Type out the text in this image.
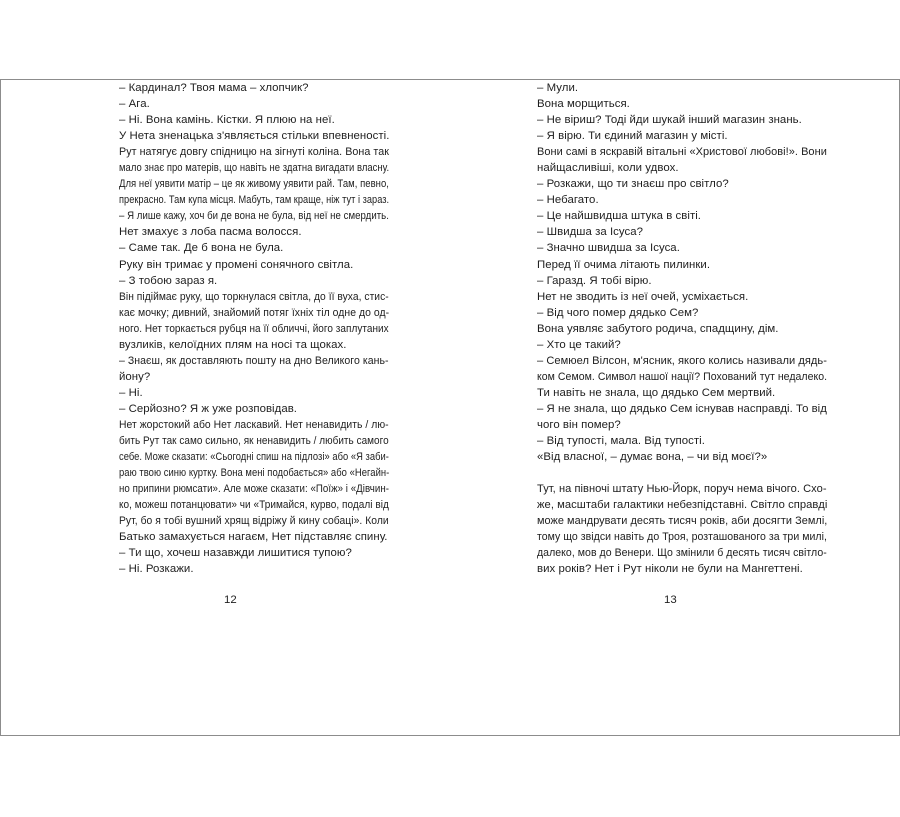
– Кардинал? Твоя мама – хлопчик?
– Ага.
– Ні. Вона камінь. Кістки. Я плюю на неї.
У Нета зненацька з'являється стільки впевненості.
Рут натягує довгу спідницю на зігнуті коліна. Вона так
мало знає про матерів, що навіть не здатна вигадати власну.
Для неї уявити матір – це як живому уявити рай. Там, певно,
прекрасно. Там купа місця. Мабуть, там краще, ніж тут і зараз.
– Я лише кажу, хоч би де вона не була, від неї не смердить.
Нет змахує з лоба пасма волосся.
– Саме так. Де б вона не була.
Руку він тримає у промені сонячного світла.
– З тобою зараз я.
Він підіймає руку, що торкнулася світла, до її вуха, стис-
кає мочку; дивний, знайомий потяг їхніх тіл одне до од-
ного. Нет торкається рубця на її обличчі, його заплутаних
вузликів, келоїдних плям на носі та щоках.
– Знаєш, як доставляють пошту на дно Великого кань-
йону?
– Ні.
– Серйозно? Я ж уже розповідав.
Нет жорстокий або Нет ласкавий. Нет ненавидить / лю-
бить Рут так само сильно, як ненавидить / любить самого
себе. Може сказати: «Сьогодні спиш на підлозі» або «Я заби-
раю твою синю куртку. Вона мені подобається» або «Негайн-
но припини рюмсати». Але може сказати: «Поїж» і «Дівчин-
ко, можеш потанцювати» чи «Тримайся, курво, подалі від
Рут, бо я тобі вушний хрящ відріжу й кину собаці». Коли
Батько замахується нагаєм, Нет підставляє спину.
– Ти що, хочеш назавжди лишитися тупою?
– Ні. Розкажи.
– Мули.
Вона морщиться.
– Не віриш? Тоді йди шукай інший магазин знань.
– Я вірю. Ти єдиний магазин у місті.
Вони самі в яскравій вітальні «Христової любові!». Вони
найщасливіші, коли удвох.
– Розкажи, що ти знаєш про світло?
– Небагато.
– Це найшвидша штука в світі.
– Швидша за Ісуса?
– Значно швидша за Ісуса.
Перед її очима літають пилинки.
– Гаразд. Я тобі вірю.
Нет не зводить із неї очей, усміхається.
– Від чого помер дядько Сем?
Вона уявляє забутого родича, спадщину, дім.
– Хто це такий?
– Семюел Вілсон, м'ясник, якого колись називали дядь-
ком Семом. Символ нашої нації? Похований тут недалеко.
Ти навіть не знала, що дядько Сем мертвий.
– Я не знала, що дядько Сем існував насправді. То від
чого він помер?
– Від тупості, мала. Від тупості.
«Від власної, – думає вона, – чи від моєї?»
Тут, на півночі штату Нью-Йорк, поруч нема вічого. Схо-
же, масштаби галактики небезпідставні. Світло справді
може мандрувати десять тисяч років, аби досягти Землі,
тому що звідси навіть до Троя, розташованого за три милі,
далеко, мов до Венери. Що змінили б десять тисяч світло-
вих років? Нет і Рут ніколи не були на Мангеттені.
12	13
